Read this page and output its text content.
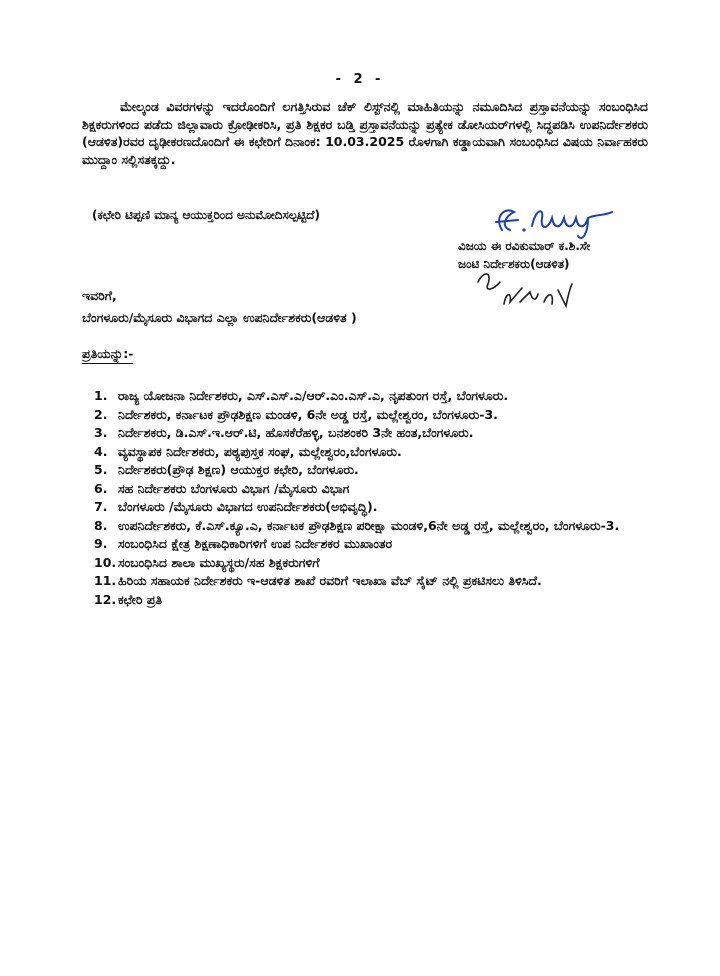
- 2 -
ಮೇಲ್ಕಂಡ ವಿವರಗಳನ್ನು ಇದರೊಂದಿಗೆ ಲಗತ್ತಿಸಿರುವ ಚೆಕ್ ಲಿಸ್ಟ್‌ನಲ್ಲಿ ಮಾಹಿತಿಯನ್ನು ನಮೂದಿಸಿದ ಪ್ರಸ್ತಾವನೆಯನ್ನು ಸಂಬಂಧಿಸಿದ ಶಿಕ್ಷಕರುಗಳಿಂದ ಪಡೆದು ಜಿಲ್ಲಾವಾರು ಕ್ರೋಢೀಕರಿಸಿ, ಪ್ರತಿ ಶಿಕ್ಷಕರ ಬಡ್ತಿ ಪ್ರಸ್ತಾವನೆಯನ್ನು ಪ್ರತ್ಯೇಕ ಡೋಸಿಯರ್‌ಗಳಲ್ಲಿ ಸಿದ್ಧಪಡಿಸಿ ಉಪನಿರ್ದೇಶಕರು (ಆಡಳಿತ)ರವರ ದೃಢೀಕರಣದೊಂದಿಗೆ ಈ ಕಛೇರಿಗೆ ದಿನಾಂಕ: 10.03.2025 ರೊಳಗಾಗಿ ಕಡ್ಡಾಯವಾಗಿ ಸಂಬಂಧಿಸಿದ ವಿಷಯ ನಿರ್ವಾಹಕರು ಮುದ್ದಾಂ ಸಲ್ಲಿಸತಕ್ಕದ್ದು.
(ಕಛೇರಿ ಟಿಪ್ಪಣಿ ಮಾನ್ಯ ಆಯುಕ್ತರಿಂದ ಅನುಮೋದಿಸಲ್ಪಟ್ಟಿದೆ)
ವಿಜಯ ಈ ರವಿಕುಮಾರ್ ಕ.ಶಿ.ಸೇ
ಜಂಟಿ ನಿರ್ದೇಶಕರು(ಆಡಳಿತ)
ಇವರಿಗೆ,
ಬೆಂಗಳೂರು/ಮೈಸೂರು ವಿಭಾಗದ ಎಲ್ಲಾ ಉಪನಿರ್ದೇಶಕರು(ಆಡಳಿತ )
ಪ್ರತಿಯನ್ನು:-
1. ರಾಜ್ಯ ಯೋಜನಾ ನಿರ್ದೇಶಕರು, ಎಸ್.ಎಸ್.ಎ/ಆರ್.ಎಂ.ಎಸ್.ಎ, ನೃಪತುಂಗ ರಸ್ತೆ, ಬೆಂಗಳೂರು.
2. ನಿರ್ದೇಶಕರು, ಕರ್ನಾಟಕ ಪ್ರೌಢಶಿಕ್ಷಣ ಮಂಡಳಿ, 6ನೇ ಅಡ್ಡ ರಸ್ತೆ, ಮಲ್ಲೇಶ್ವರಂ, ಬೆಂಗಳೂರು-3.
3. ನಿರ್ದೇಶಕರು, ಡಿ.ಎಸ್.ಇ.ಆರ್.ಟಿ, ಹೊಸಕೆರೆಹಳ್ಳಿ, ಬನಶಂಕರಿ 3ನೇ ಹಂತ,ಬೆಂಗಳೂರು.
4. ವ್ಯವಸ್ಥಾಪಕ ನಿರ್ದೇಶಕರು, ಪಠ್ಯಪುಸ್ತಕ ಸಂಘ, ಮಲ್ಲೇಶ್ವರಂ,ಬೆಂಗಳೂರು.
5. ನಿರ್ದೇಶಕರು(ಪ್ರೌಢ ಶಿಕ್ಷಣ) ಆಯುಕ್ತರ ಕಛೇರಿ, ಬೆಂಗಳೂರು.
6. ಸಹ ನಿರ್ದೇಶಕರು ಬೆಂಗಳೂರು ವಿಭಾಗ /ಮೈಸೂರು ವಿಭಾಗ
7. ಬೆಂಗಳೂರು /ಮೈಸೂರು ವಿಭಾಗದ ಉಪನಿರ್ದೇಶಕರು(ಅಭಿವೃದ್ಧಿ).
8. ಉಪನಿರ್ದೇಶಕರು, ಕೆ.ಎಸ್.ಕ್ಯೂ.ಎ, ಕರ್ನಾಟಕ ಪ್ರೌಢಶಿಕ್ಷಣ ಪರೀಕ್ಷಾ ಮಂಡಳಿ,6ನೇ ಅಡ್ಡ ರಸ್ತೆ, ಮಲ್ಲೇಶ್ವರಂ, ಬೆಂಗಳೂರು-3.
9. ಸಂಬಂಧಿಸಿದ ಕ್ಷೇತ್ರ ಶಿಕ್ಷಣಾಧಿಕಾರಿಗಳಿಗೆ ಉಪ ನಿರ್ದೇಶಕರ ಮುಖಾಂತರ
10. ಸಂಬಂಧಿಸಿದ ಶಾಲಾ ಮುಖ್ಯಸ್ಥರು/ಸಹ ಶಿಕ್ಷಕರುಗಳಿಗೆ
11. ಹಿರಿಯ ಸಹಾಯಕ ನಿರ್ದೇಶಕರು ಇ-ಆಡಳಿತ ಶಾಖೆ ರವರಿಗೆ ಇಲಾಖಾ ವೆಬ್ ಸೈಟ್ ನಲ್ಲಿ ಪ್ರಕಟಿಸಲು ತಿಳಿಸಿದೆ.
12. ಕಛೇರಿ ಪ್ರತಿ
